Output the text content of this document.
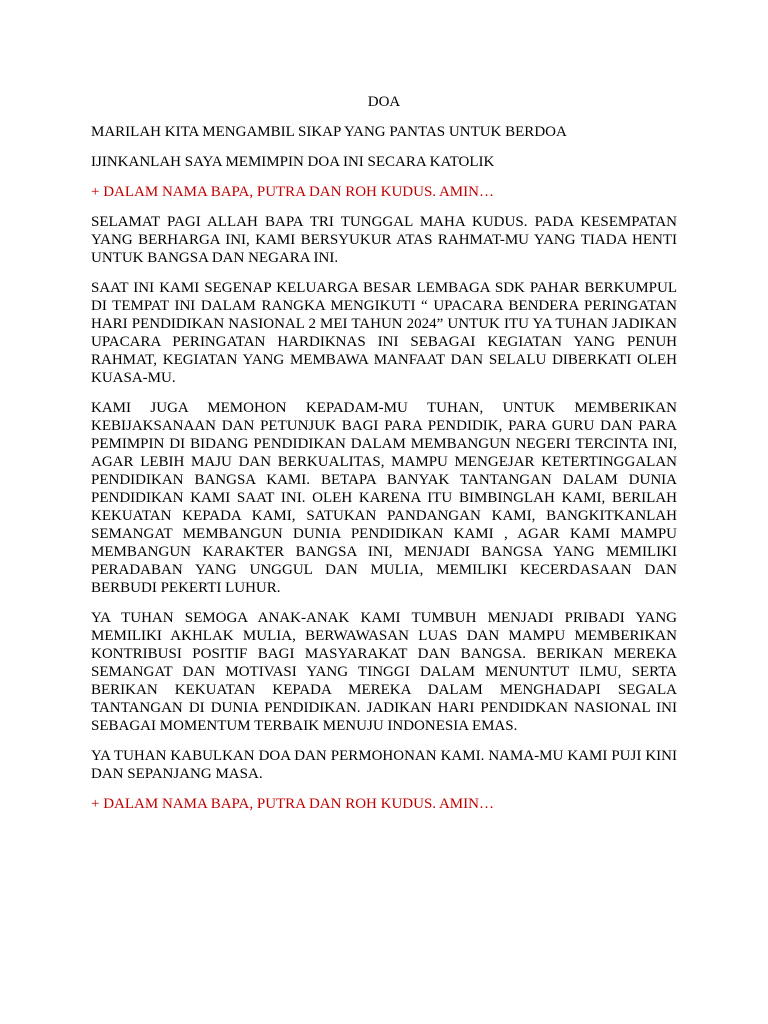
DOA

MARILAH KITA MENGAMBIL SIKAP YANG PANTAS UNTUK BERDOA

IJINKANLAH SAYA MEMIMPIN DOA INI SECARA KATOLIK

+ DALAM NAMA BAPA, PUTRA DAN ROH KUDUS. AMIN…

SELAMAT PAGI ALLAH BAPA TRI TUNGGAL MAHA KUDUS. PADA KESEMPATAN YANG BERHARGA INI, KAMI BERSYUKUR ATAS RAHMAT-MU YANG TIADA HENTI UNTUK BANGSA DAN NEGARA INI.

SAAT INI KAMI SEGENAP KELUARGA BESAR LEMBAGA SDK PAHAR BERKUMPUL DI TEMPAT INI DALAM RANGKA MENGIKUTI “ UPACARA BENDERA PERINGATAN HARI PENDIDIKAN NASIONAL 2 MEI TAHUN 2024” UNTUK ITU YA TUHAN JADIKAN UPACARA PERINGATAN HARDIKNAS INI SEBAGAI KEGIATAN YANG PENUH RAHMAT, KEGIATAN YANG MEMBAWA MANFAAT DAN SELALU DIBERKATI OLEH KUASA-MU.

KAMI JUGA MEMOHON KEPADAM-MU TUHAN, UNTUK MEMBERIKAN KEBIJAKSANAAN DAN PETUNJUK BAGI PARA PENDIDIK, PARA GURU DAN PARA PEMIMPIN DI BIDANG PENDIDIKAN DALAM MEMBANGUN NEGERI TERCINTA INI, AGAR LEBIH MAJU DAN BERKUALITAS, MAMPU MENGEJAR KETERTINGGALAN PENDIDIKAN BANGSA KAMI. BETAPA BANYAK TANTANGAN DALAM DUNIA PENDIDIKAN KAMI SAAT INI. OLEH KARENA ITU BIMBINGLAH KAMI, BERILAH KEKUATAN KEPADA KAMI, SATUKAN PANDANGAN KAMI, BANGKITKANLAH SEMANGAT MEMBANGUN DUNIA PENDIDIKAN KAMI , AGAR KAMI MAMPU MEMBANGUN KARAKTER BANGSA INI, MENJADI BANGSA YANG MEMILIKI PERADABAN YANG UNGGUL DAN MULIA, MEMILIKI KECERDASAAN DAN BERBUDI PEKERTI LUHUR.

YA TUHAN SEMOGA ANAK-ANAK KAMI TUMBUH MENJADI PRIBADI YANG MEMILIKI AKHLAK MULIA, BERWAWASAN LUAS DAN MAMPU MEMBERIKAN KONTRIBUSI POSITIF BAGI MASYARAKAT DAN BANGSA. BERIKAN MEREKA SEMANGAT DAN MOTIVASI YANG TINGGI DALAM MENUNTUT ILMU, SERTA BERIKAN KEKUATAN KEPADA MEREKA DALAM MENGHADAPI SEGALA TANTANGAN DI DUNIA PENDIDIKAN. JADIKAN HARI PENDIDKAN NASIONAL INI SEBAGAI MOMENTUM TERBAIK MENUJU INDONESIA EMAS.

YA TUHAN KABULKAN DOA DAN PERMOHONAN KAMI. NAMA-MU KAMI PUJI KINI DAN SEPANJANG MASA.

+ DALAM NAMA BAPA, PUTRA DAN ROH KUDUS. AMIN…
